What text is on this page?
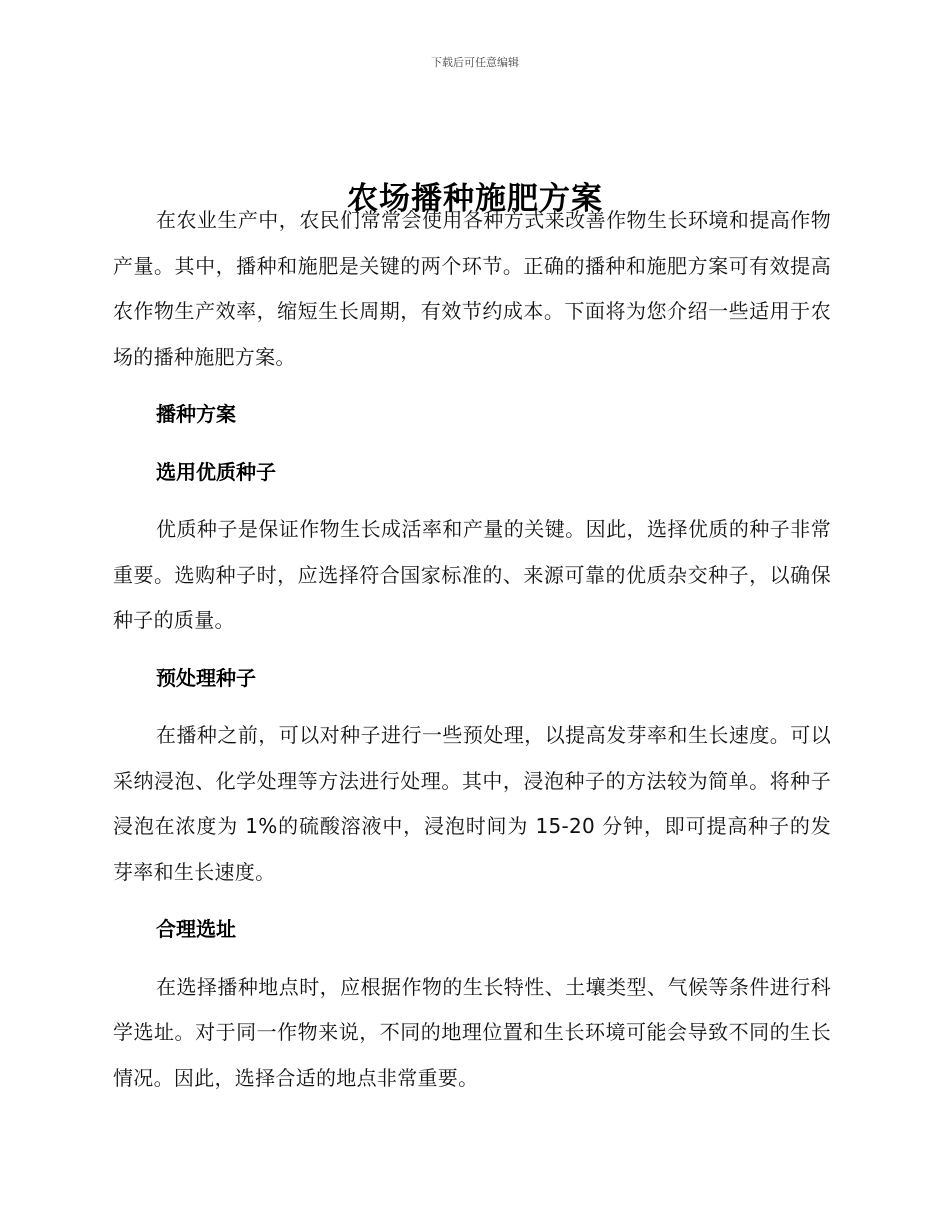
下载后可任意编辑
农场播种施肥方案

在农业生产中，农民们常常会使用各种方式来改善作物生长环境和提高作物产量。其中，播种和施肥是关键的两个环节。正确的播种和施肥方案可有效提高农作物生产效率，缩短生长周期，有效节约成本。下面将为您介绍一些适用于农场的播种施肥方案。

播种方案
选用优质种子

优质种子是保证作物生长成活率和产量的关键。因此，选择优质的种子非常重要。选购种子时，应选择符合国家标准的、来源可靠的优质杂交种子，以确保种子的质量。

预处理种子

在播种之前，可以对种子进行一些预处理，以提高发芽率和生长速度。可以采纳浸泡、化学处理等方法进行处理。其中，浸泡种子的方法较为简单。将种子浸泡在浓度为 1%的硫酸溶液中，浸泡时间为 15-20 分钟，即可提高种子的发芽率和生长速度。

合理选址

在选择播种地点时，应根据作物的生长特性、土壤类型、气候等条件进行科学选址。对于同一作物来说，不同的地理位置和生长环境可能会导致不同的生长情况。因此，选择合适的地点非常重要。
